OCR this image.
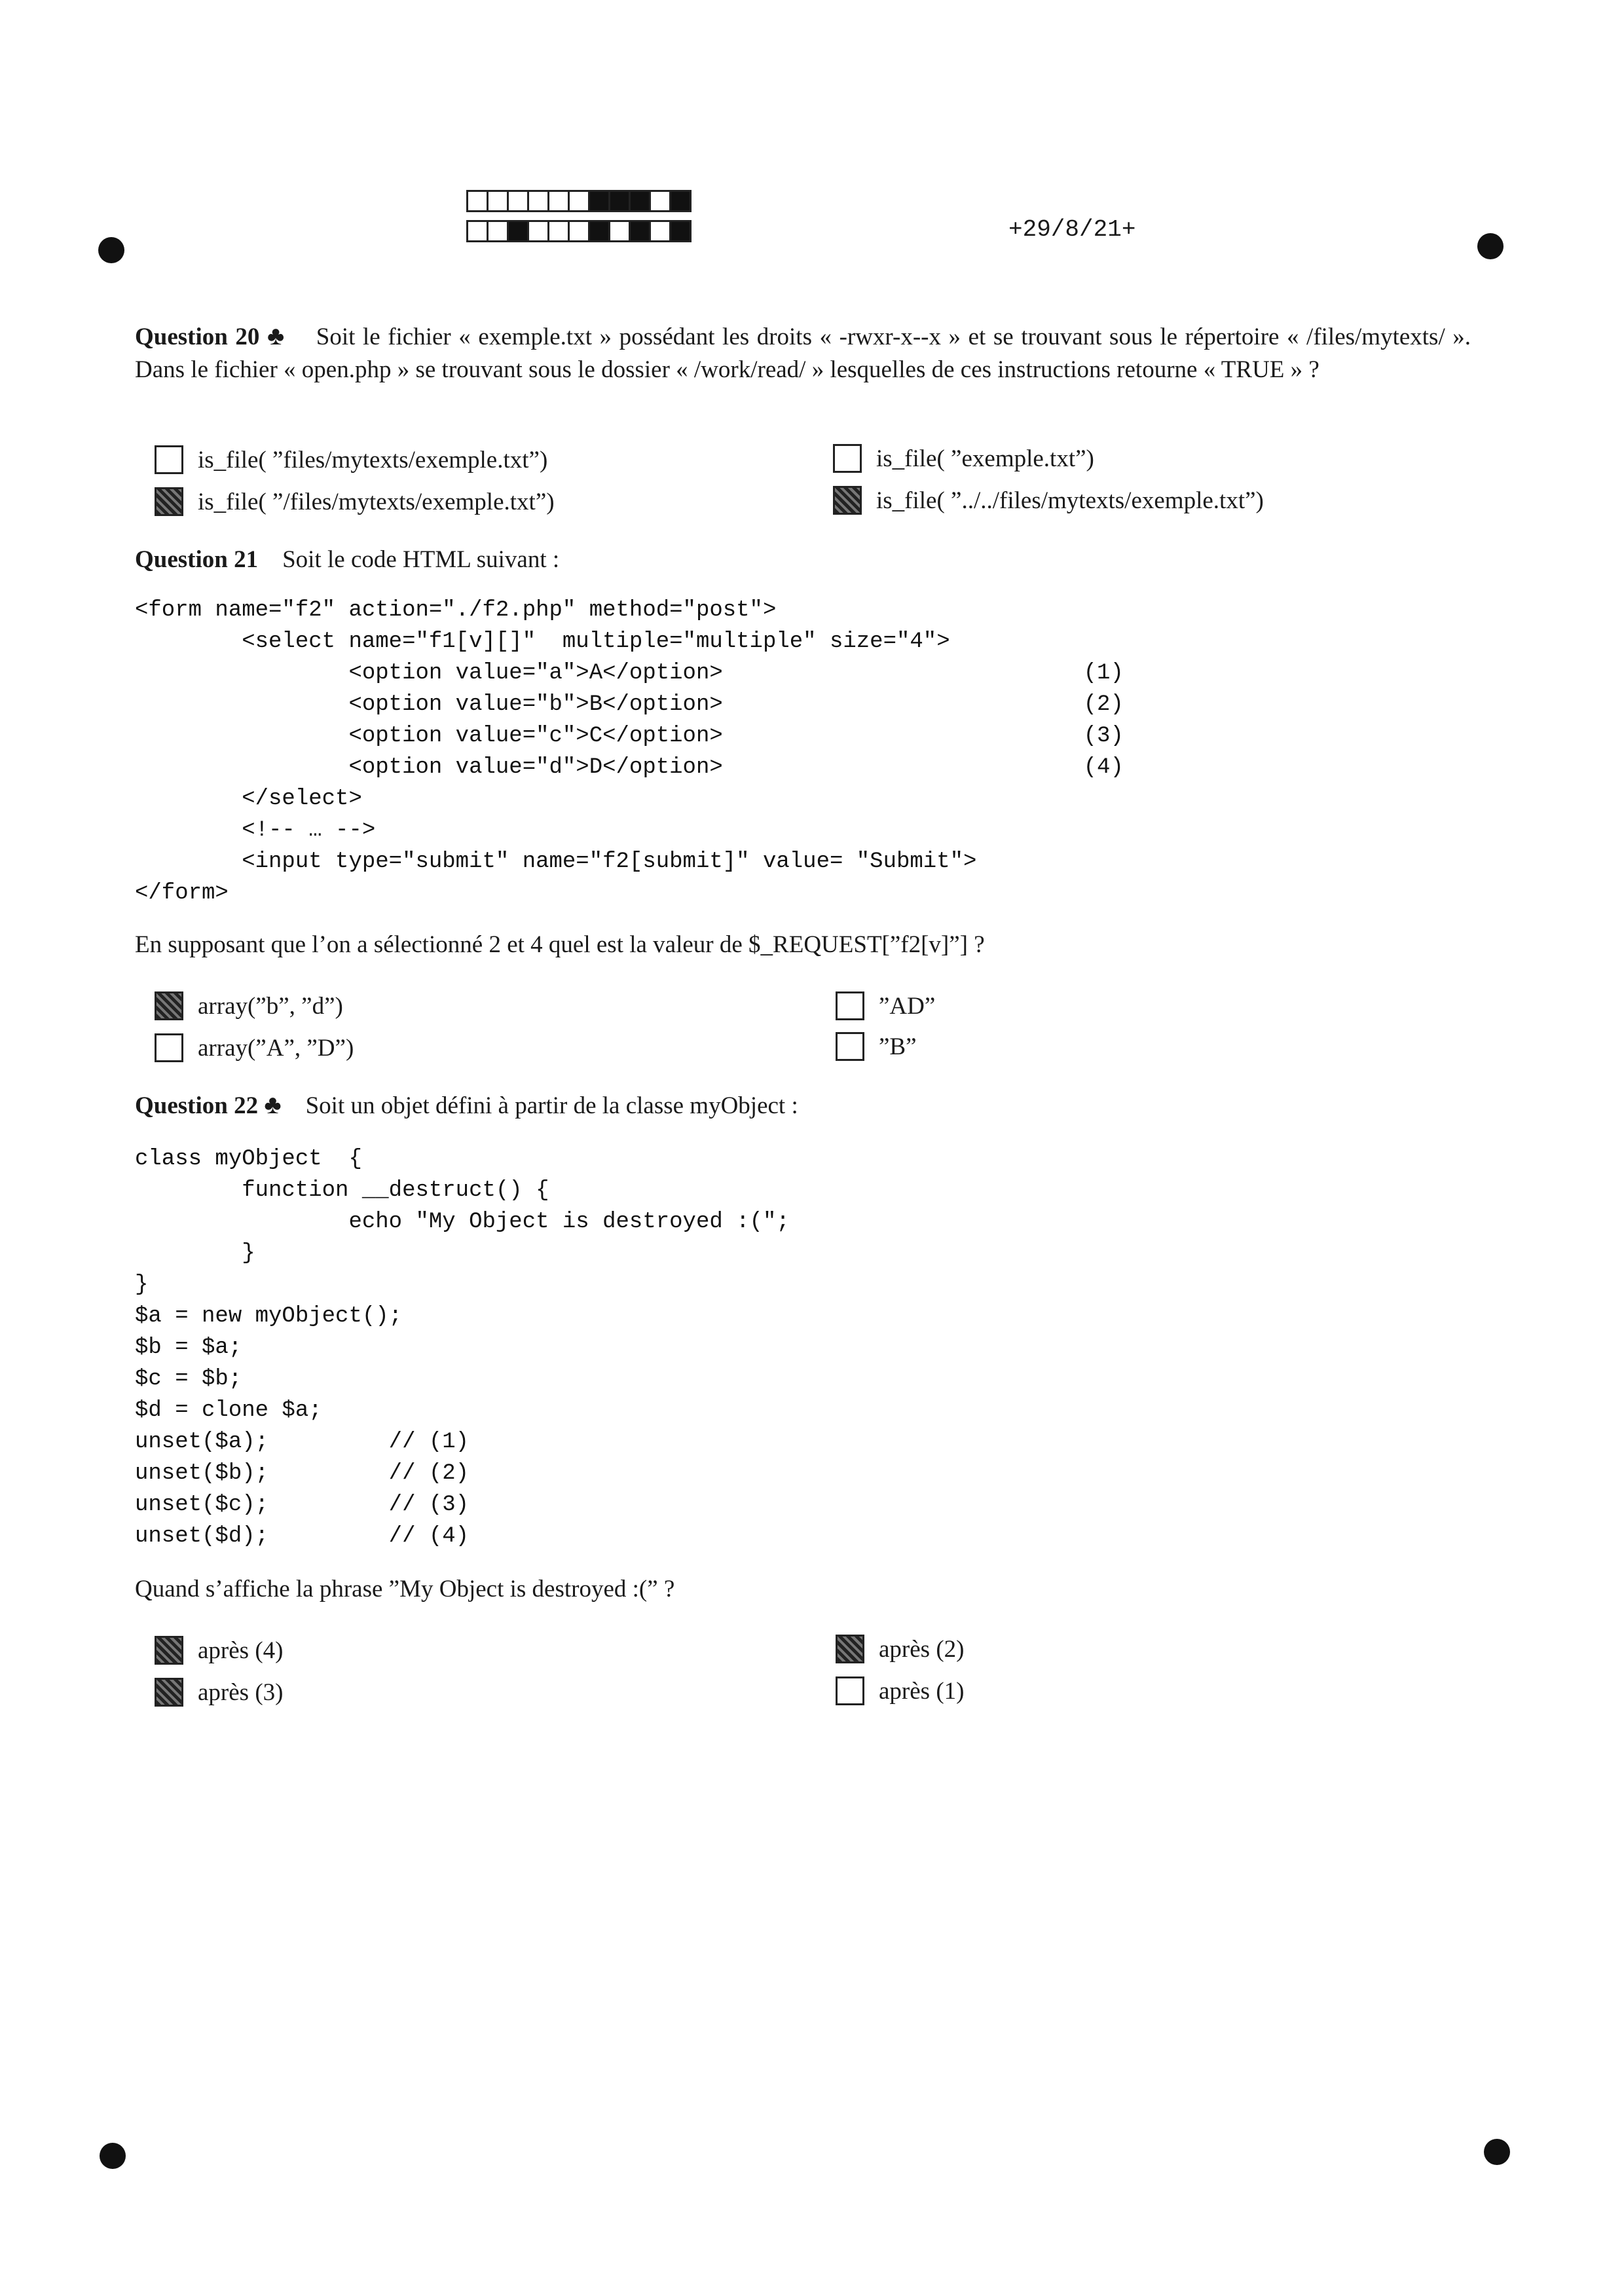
+29/8/21+
Question 20 ♣ Soit le fichier « exemple.txt » possédant les droits « -rwxr-x--x » et se trouvant sous le répertoire « /files/mytexts/ ». Dans le fichier « open.php » se trouvant sous le dossier « /work/read/ » lesquelles de ces instructions retourne « TRUE » ?
is_file( ”files/mytexts/exemple.txt”)
is_file( ”/files/mytexts/exemple.txt”)
is_file( ”exemple.txt”)
is_file( ”../../files/mytexts/exemple.txt”)
Question 21 Soit le code HTML suivant :
<form name="f2" action="./f2.php" method="post">
<select name="f1[v][]"  multiple="multiple" size="4">
<option value="a">A</option>                           (1)
<option value="b">B</option>                           (2)
<option value="c">C</option>                           (3)
<option value="d">D</option>                           (4)
</select>
<!-- … -->
<input type="submit" name="f2[submit]" value= "Submit">
</form>
En supposant que l’on a sélectionné 2 et 4 quel est la valeur de $_REQUEST[”f2[v]”] ?
array(”b”, ”d”)
array(”A”, ”D”)
”AD”
”B”
Question 22 ♣ Soit un objet défini à partir de la classe myObject :
class myObject  {
function __destruct() {
echo "My Object is destroyed :(";
}
}
$a = new myObject();
$b = $a;
$c = $b;
$d = clone $a;
unset($a);         // (1)
unset($b);         // (2)
unset($c);         // (3)
unset($d);         // (4)
Quand s’affiche la phrase ”My Object is destroyed :(” ?
après (4)
après (3)
après (2)
après (1)
